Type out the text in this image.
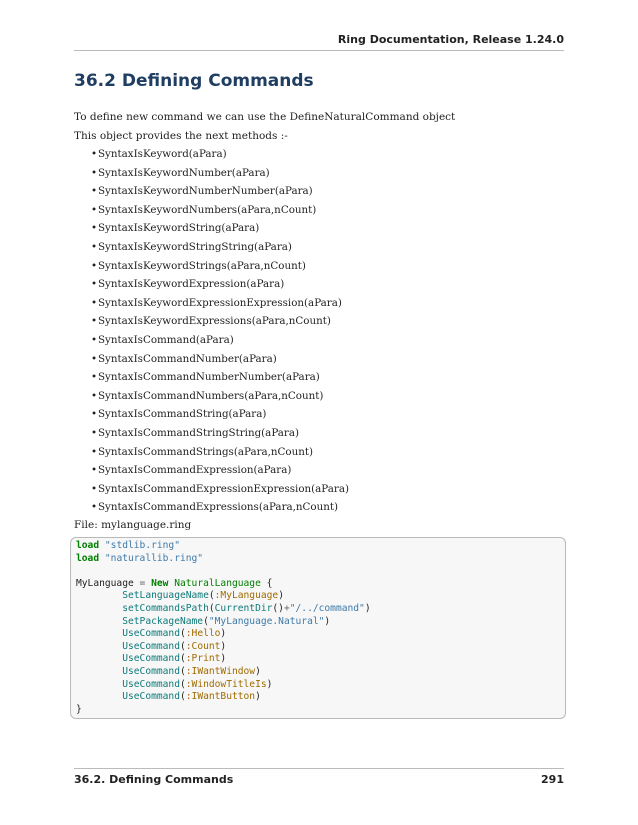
Ring Documentation, Release 1.24.0
36.2 Defining Commands
To define new command we can use the DefineNaturalCommand object
This object provides the next methods :-
•SyntaxIsKeyword(aPara)
•SyntaxIsKeywordNumber(aPara)
•SyntaxIsKeywordNumberNumber(aPara)
•SyntaxIsKeywordNumbers(aPara,nCount)
•SyntaxIsKeywordString(aPara)
•SyntaxIsKeywordStringString(aPara)
•SyntaxIsKeywordStrings(aPara,nCount)
•SyntaxIsKeywordExpression(aPara)
•SyntaxIsKeywordExpressionExpression(aPara)
•SyntaxIsKeywordExpressions(aPara,nCount)
•SyntaxIsCommand(aPara)
•SyntaxIsCommandNumber(aPara)
•SyntaxIsCommandNumberNumber(aPara)
•SyntaxIsCommandNumbers(aPara,nCount)
•SyntaxIsCommandString(aPara)
•SyntaxIsCommandStringString(aPara)
•SyntaxIsCommandStrings(aPara,nCount)
•SyntaxIsCommandExpression(aPara)
•SyntaxIsCommandExpressionExpression(aPara)
•SyntaxIsCommandExpressions(aPara,nCount)
File: mylanguage.ring
load "stdlib.ring"
load "naturallib.ring"

MyLanguage = New NaturalLanguage {
SetLanguageName(:MyLanguage)
setCommandsPath(CurrentDir()+"/../command")
SetPackageName("MyLanguage.Natural")
UseCommand(:Hello)
UseCommand(:Count)
UseCommand(:Print)
UseCommand(:IWantWindow)
UseCommand(:WindowTitleIs)
UseCommand(:IWantButton)
}

36.2. Defining Commands	291
